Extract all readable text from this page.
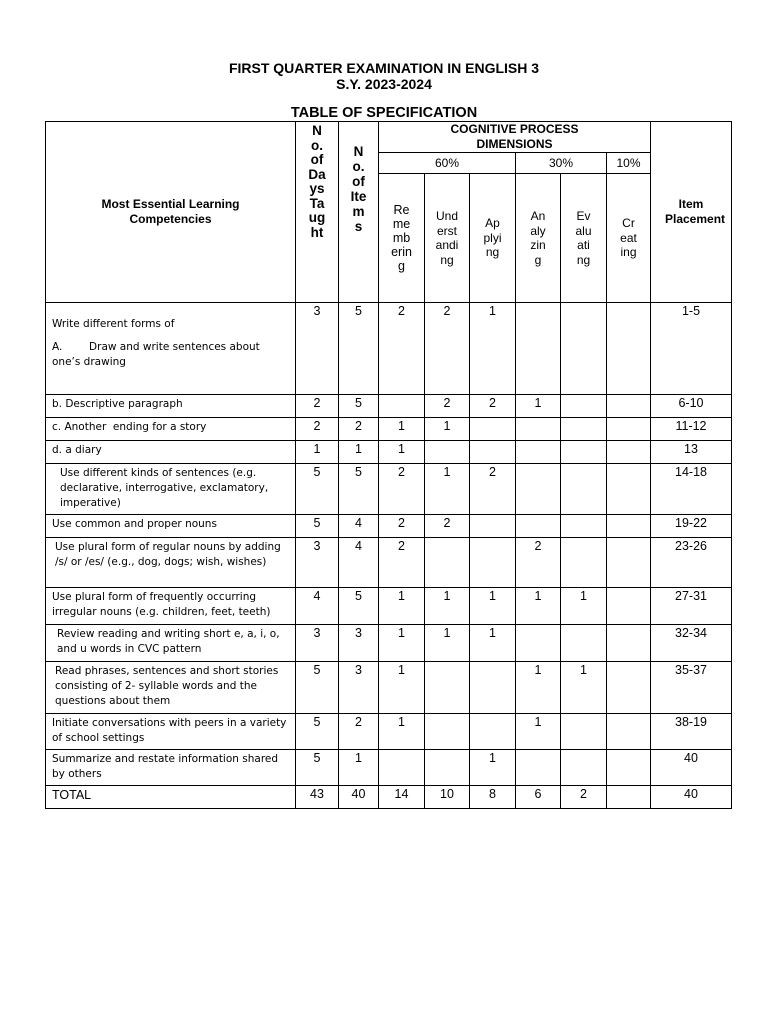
FIRST QUARTER EXAMINATION IN ENGLISH 3
S.Y. 2023-2024
TABLE OF SPECIFICATION
Most Essential Learning Competencies	No. of Days Taught	No. of Items	COGNITIVE PROCESS DIMENSIONS						Item Placement

			60%			30%		10%	

			Remembering	Understanding	Applying	Analyzing	Evaluating	Creating	

Write different forms of
A.        Draw and write sentences about one’s drawing	3	5	2	2	1				1-5
b. Descriptive paragraph	2	5		2	2	1			6-10
c. Another  ending for a story	2	2	1	1					11-12
d. a diary	1	1	1						13
Use different kinds of sentences (e.g. declarative, interrogative, exclamatory, imperative)	5	5	2	1	2				14-18
Use common and proper nouns	5	4	2	2					19-22
Use plural form of regular nouns by adding /s/ or /es/ (e.g., dog, dogs; wish, wishes)	3	4	2			2			23-26
Use plural form of frequently occurring irregular nouns (e.g. children, feet, teeth)	4	5	1	1	1	1	1		27-31
Review reading and writing short e, a, i, o, and u words in CVC pattern	3	3	1	1	1				32-34
Read phrases, sentences and short stories consisting of 2- syllable words and the questions about them	5	3	1			1	1		35-37
Initiate conversations with peers in a variety of school settings	5	2	1			1			38-19
Summarize and restate information shared by others	5	1			1				40
TOTAL	43	40	14	10	8	6	2		40
